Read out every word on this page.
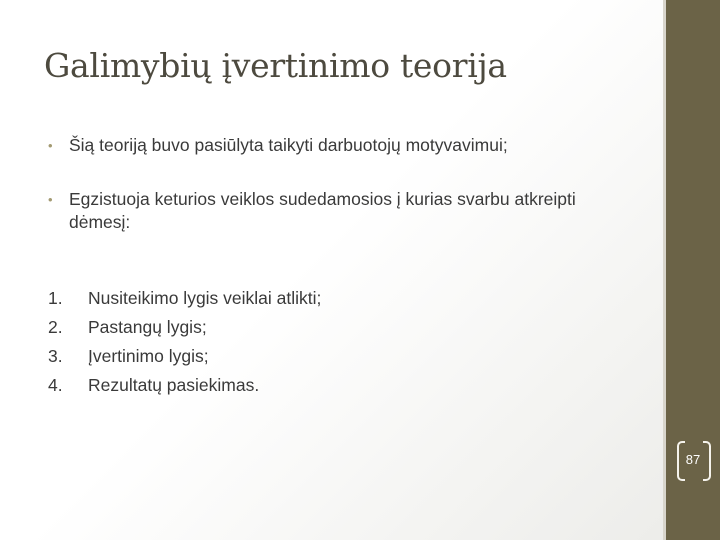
Galimybių įvertinimo teorija
• Šią teoriją buvo pasiūlyta taikyti darbuotojų motyvavimui;
• Egzistuoja keturios veiklos sudedamosios į kurias svarbu atkreipti dėmesį:
1.	Nusiteikimo lygis veiklai atlikti;
2.	Pastangų lygis;
3.	Įvertinimo lygis;
4.	Rezultatų pasiekimas.
87
